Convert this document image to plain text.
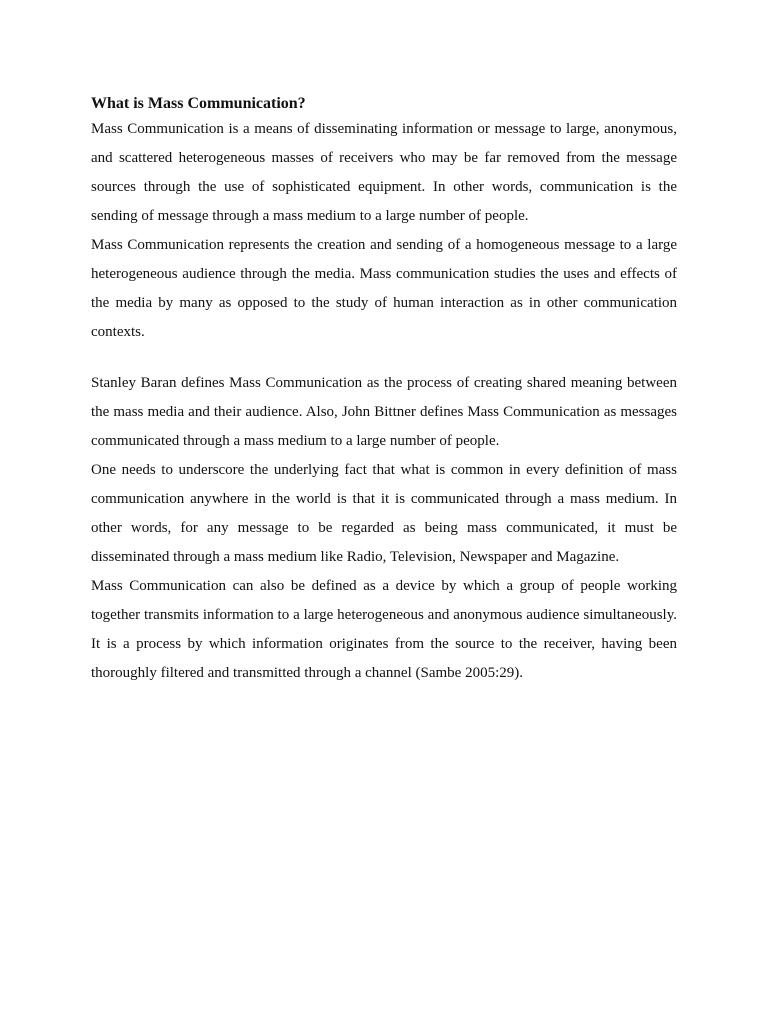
What is Mass Communication?

Mass Communication is a means of disseminating information or message to large, anonymous, and scattered heterogeneous masses of receivers who may be far removed from the message sources through the use of sophisticated equipment. In other words, communication is the sending of message through a mass medium to a large number of people.

Mass Communication represents the creation and sending of a homogeneous message to a large heterogeneous audience through the media. Mass communication studies the uses and effects of the media by many as opposed to the study of human interaction as in other communication contexts.

Stanley Baran defines Mass Communication as the process of creating shared meaning between the mass media and their audience. Also, John Bittner defines Mass Communication as messages communicated through a mass medium to a large number of people.

One needs to underscore the underlying fact that what is common in every definition of mass communication anywhere in the world is that it is communicated through a mass medium. In other words, for any message to be regarded as being mass communicated, it must be disseminated through a mass medium like Radio, Television, Newspaper and Magazine.

Mass Communication can also be defined as a device by which a group of people working together transmits information to a large heterogeneous and anonymous audience simultaneously. It is a process by which information originates from the source to the receiver, having been thoroughly filtered and transmitted through a channel (Sambe 2005:29).
